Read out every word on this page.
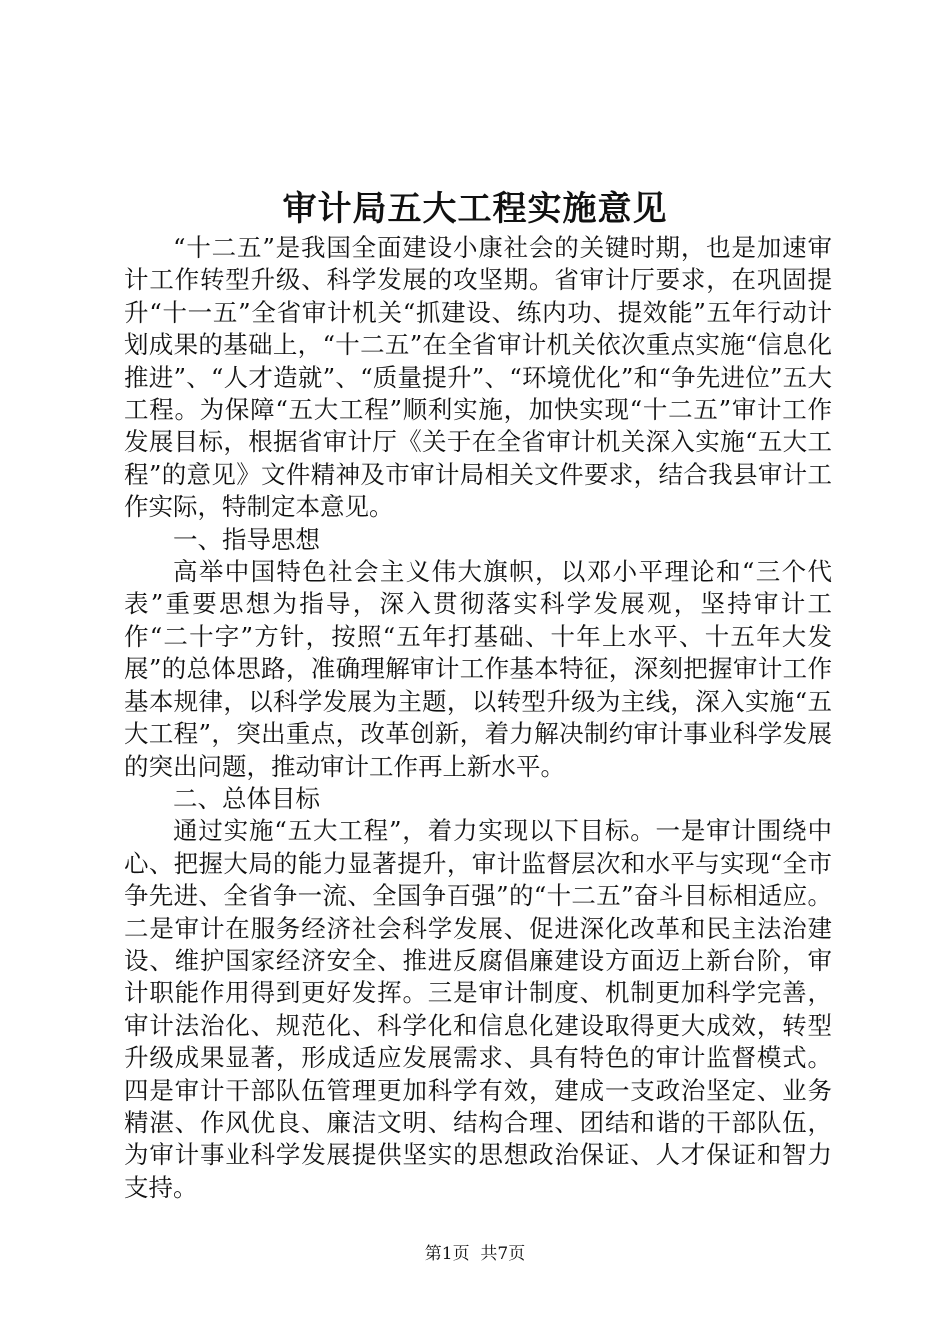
审计局五大工程实施意见

“十二五”是我国全面建设小康社会的关键时期，也是加速审计工作转型升级、科学发展的攻坚期。省审计厅要求，在巩固提升“十一五”全省审计机关“抓建设、练内功、提效能”五年行动计划成果的基础上，“十二五”在全省审计机关依次重点实施“信息化推进”、“人才造就”、“质量提升”、“环境优化”和“争先进位”五大工程。为保障“五大工程”顺利实施，加快实现“十二五”审计工作发展目标，根据省审计厅《关于在全省审计机关深入实施“五大工程”的意见》文件精神及市审计局相关文件要求，结合我县审计工作实际，特制定本意见。

一、指导思想

高举中国特色社会主义伟大旗帜，以邓小平理论和“三个代表”重要思想为指导，深入贯彻落实科学发展观，坚持审计工作“二十字”方针，按照“五年打基础、十年上水平、十五年大发展”的总体思路，准确理解审计工作基本特征，深刻把握审计工作基本规律，以科学发展为主题，以转型升级为主线，深入实施“五大工程”，突出重点，改革创新，着力解决制约审计事业科学发展的突出问题，推动审计工作再上新水平。

二、总体目标

通过实施“五大工程”，着力实现以下目标。一是审计围绕中心、把握大局的能力显著提升，审计监督层次和水平与实现“全市争先进、全省争一流、全国争百强”的“十二五”奋斗目标相适应。二是审计在服务经济社会科学发展、促进深化改革和民主法治建设、维护国家经济安全、推进反腐倡廉建设方面迈上新台阶，审计职能作用得到更好发挥。三是审计制度、机制更加科学完善，审计法治化、规范化、科学化和信息化建设取得更大成效，转型升级成果显著，形成适应发展需求、具有特色的审计监督模式。四是审计干部队伍管理更加科学有效，建成一支政治坚定、业务精湛、作风优良、廉洁文明、结构合理、团结和谐的干部队伍，为审计事业科学发展提供坚实的思想政治保证、人才保证和智力支持。

第1页  共7页
